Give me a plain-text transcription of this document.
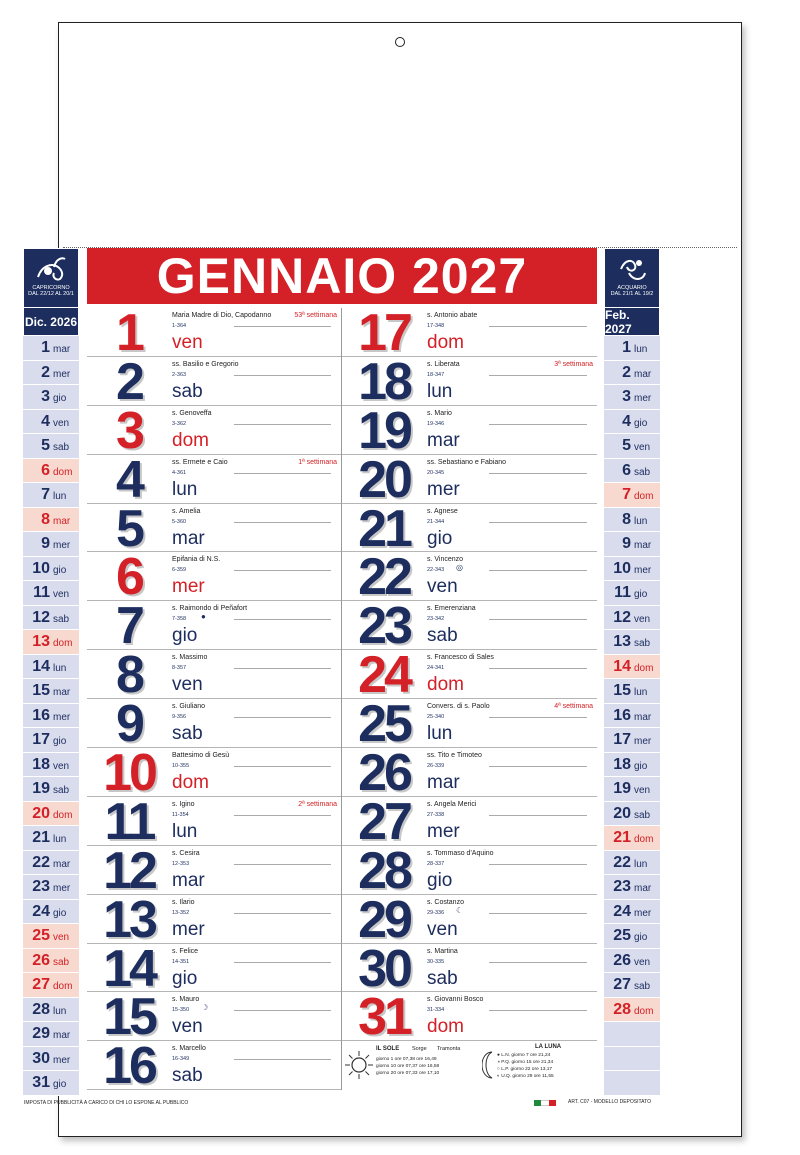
CAPRICORNO
DAL 22/12 AL 20/1
Dic. 2026
1 mar
2 mer
3 gio
4 ven
5 sab
6 dom
7 lun
8 mar
9 mer
10 gio
11 ven
12 sab
13 dom
14 lun
15 mar
16 mer
17 gio
18 ven
19 sab
20 dom
21 lun
22 mar
23 mer
24 gio
25 ven
26 sab
27 dom
28 lun
29 mar
30 mer
31 gio
ACQUARIO
DAL 21/1 AL 19/2
Feb. 2027
1 lun
2 mar
3 mer
4 gio
5 ven
6 sab
7 dom
8 lun
9 mar
10 mer
11 gio
12 ven
13 sab
14 dom
15 lun
16 mar
17 mer
18 gio
19 ven
20 sab
21 dom
22 lun
23 mar
24 mer
25 gio
26 ven
27 sab
28 dom
GENNAIO 2027
1	Maria Madre di Dio, Capodanno
1-364
ven
53ª settimana
2	ss. Basilio e Gregorio
2-363
sab
3	s. Genoveffa
3-362
dom
4	ss. Ermete e Caio
4-361
lun
1ª settimana
5	s. Amelia
5-360
mar
6	Epifania di N.S.
6-359
mer
7	s. Raimondo di Peñafort
7-358
gio
●
8	s. Massimo
8-357
ven
9	s. Giuliano
9-356
sab
10	Battesimo di Gesù
10-355
dom
11	s. Igino
11-354
lun
2ª settimana
12	s. Cesira
12-353
mar
13	s. Ilario
13-352
mer
14	s. Felice
14-351
gio
15	s. Mauro
15-350
ven
☽
16	s. Marcello
16-349
sab
17	s. Antonio abate
17-348
dom
18	s. Liberata
18-347
lun
3ª settimana
19	s. Mario
19-346
mar
20	ss. Sebastiano e Fabiano
20-345
mer
21	s. Agnese
21-344
gio
22	s. Vincenzo
22-343
ven
◎
23	s. Emerenziana
23-342
sab
24	s. Francesco di Sales
24-341
dom
25	Convers. di s. Paolo
25-340
lun
4ª settimana
26	ss. Tito e Timoteo
26-339
mar
27	s. Angela Merici
27-338
mer
28	s. Tommaso d'Aquino
28-337
gio
29	s. Costanzo
29-336
ven
☾
30	s. Martina
30-335
sab
31	s. Giovanni Bosco
31-334
dom
IL SOLE Sorge Tramonta
giorno 1 ore 07,38 ore 16,49
giorno 10 ore 07,37 ore 16,58
giorno 20 ore 07,33 ore 17,10
LA LUNA
● L.N. giorno 7 ore 21,24
◑ P.Q. giorno 15 ore 21,34
○ L.P. giorno 22 ore 13,17
◐ U.Q. giorno 29 ore 11,55
IMPOSTA DI PUBBLICITÀ A CARICO DI CHI LO ESPONE AL PUBBLICO	ART. C07 - MODELLO DEPOSITATO
